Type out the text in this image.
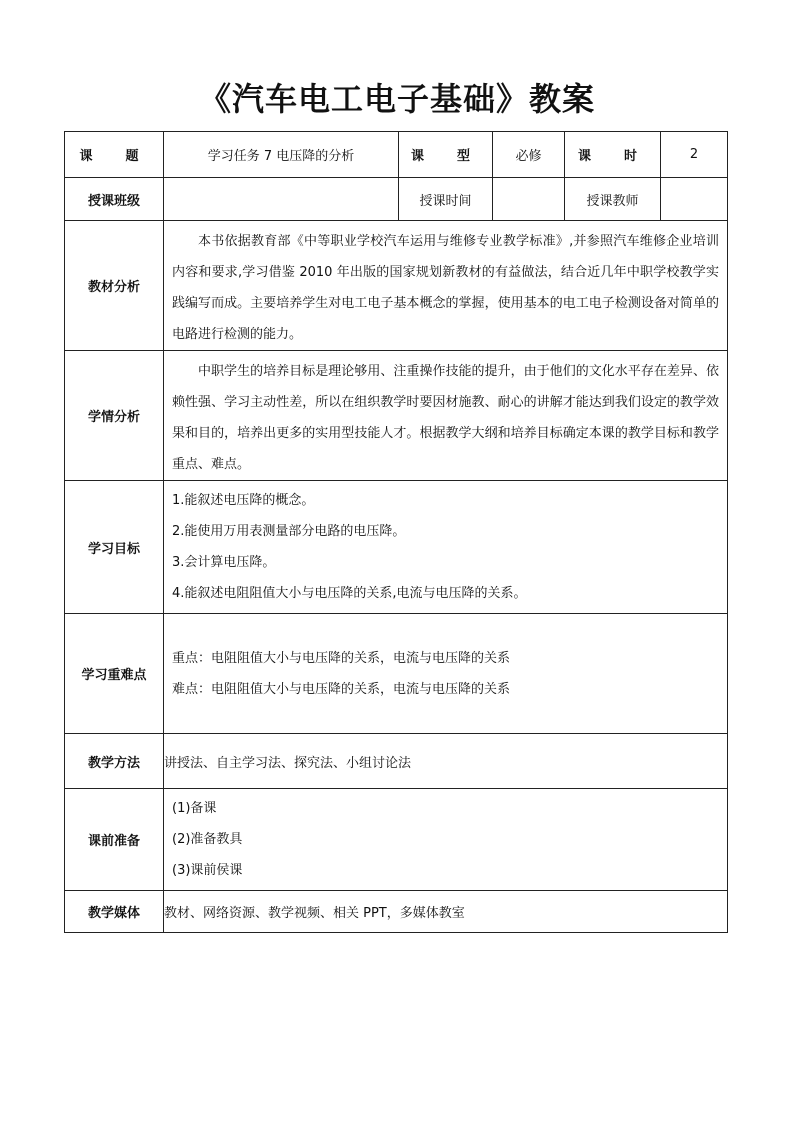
《汽车电工电子基础》教案
课　题	学习任务 7 电压降的分析	课　型	必修	课　时	2
授课班级		授课时间		授课教师	
教材分析	本书依据教育部《中等职业学校汽车运用与维修专业教学标准》,并参照汽车维修企业培训内容和要求,学习借鉴 2010 年出版的国家规划新教材的有益做法，结合近几年中职学校教学实践编写而成。主要培养学生对电工电子基本概念的掌握，使用基本的电工电子检测设备对简单的电路进行检测的能力。				

学情分析	中职学生的培养目标是理论够用、注重操作技能的提升，由于他们的文化水平存在差异、依赖性强、学习主动性差，所以在组织教学时要因材施教、耐心的讲解才能达到我们设定的教学效果和目的，培养出更多的实用型技能人才。根据教学大纲和培养目标确定本课的教学目标和教学重点、难点。				

学习目标	1.能叙述电压降的概念。
2.能使用万用表测量部分电路的电压降。
3.会计算电压降。
4.能叙述电阻阻值大小与电压降的关系,电流与电压降的关系。				

学习重难点	重点：电阻阻值大小与电压降的关系，电流与电压降的关系
难点：电阻阻值大小与电压降的关系，电流与电压降的关系				

教学方法	讲授法、自主学习法、探究法、小组讨论法				
课前准备	(1)备课
(2)准备教具
(3)课前侯课				

教学媒体	教材、网络资源、教学视频、相关 PPT，多媒体教室				
